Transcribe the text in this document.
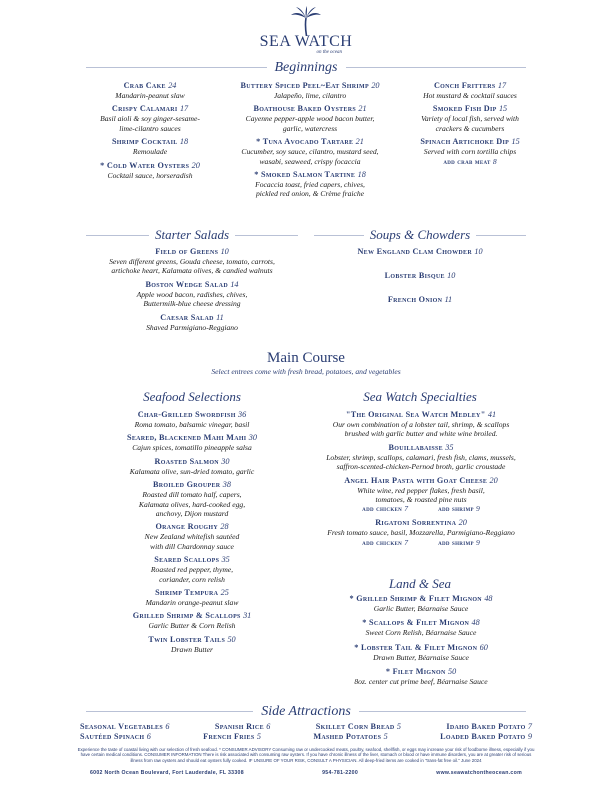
SEA WATCH
on the ocean
Beginnings
Crab Cake 24
Mandarin-peanut slaw
Crispy Calamari 17
Basil aioli & soy ginger-sesame-
lime-cilantro sauces
Shrimp Cocktail 18
Remoulade
* Cold Water Oysters 20
Cocktail sauce, horseradish
Buttery Spiced Peel~Eat Shrimp 20
Jalapeño, lime, cilantro
Boathouse Baked Oysters 21
Cayenne pepper-apple wood bacon butter,
garlic, watercress
* Tuna Avocado Tartare 21
Cucumber, soy sauce, cilantro, mustard seed,
wasabi, seaweed, crispy focaccia
* Smoked Salmon Tartine 18
Focaccia toast, fried capers, chives,
pickled red onion, & Crème fraiche
Conch Fritters 17
Hot mustard & cocktail sauces
Smoked Fish Dip 15
Variety of local fish, served with
crackers & cucumbers
Spinach Artichoke Dip 15
Served with corn tortilla chips
add crab meat 8
Starter Salads
Field of Greens 10
Seven different greens, Gouda cheese, tomato, carrots,
artichoke heart, Kalamata olives, & candied walnuts
Boston Wedge Salad 14
Apple wood bacon, radishes, chives,
Buttermilk-blue cheese dressing
Caesar Salad 11
Shaved Parmigiano-Reggiano
Soups & Chowders
New England Clam Chowder 10
Lobster Bisque 10
French Onion 11
Main Course
Select entrees come with fresh bread, potatoes, and vegetables
Seafood Selections
Char-Grilled Swordfish 36
Roma tomato, balsamic vinegar, basil
Seared, Blackened Mahi Mahi 30
Cajun spices, tomatillo pineapple salsa
Roasted Salmon 30
Kalamata olive, sun-dried tomato, garlic
Broiled Grouper 38
Roasted dill tomato half, capers,
Kalamata olives, hard-cooked egg,
anchovy, Dijon mustard
Orange Roughy 28
New Zealand whitefish sautéed
with dill Chardonnay sauce
Seared Scallops 35
Roasted red pepper, thyme,
coriander, corn relish
Shrimp Tempura 25
Mandarin orange-peanut slaw
Grilled Shrimp & Scallops 31
Garlic Butter & Corn Relish
Twin Lobster Tails 50
Drawn Butter
Sea Watch Specialties
"The Original Sea Watch Medley" 41
Our own combination of a lobster tail, shrimp, & scallops
brushed with garlic butter and white wine broiled.
Bouillabaisse 35
Lobster, shrimp, scallops, calamari, fresh fish, clams, mussels,
saffron-scented-chicken-Pernod broth, garlic croustade
Angel Hair Pasta with Goat Cheese 20
White wine, red pepper flakes, fresh basil,
tomatoes, & roasted pine nuts
add chicken 7	add shrimp 9
Rigatoni Sorrentina 20
Fresh tomato sauce, basil, Mozzarella, Parmigiano-Reggiano
add chicken 7	add shrimp 9
Land & Sea
* Grilled Shrimp & Filet Mignon 48
Garlic Butter, Béarnaise Sauce
* Scallops & Filet Mignon 48
Sweet Corn Relish, Béarnaise Sauce
* Lobster Tail & Filet Mignon 60
Drawn Butter, Béarnaise Sauce
* Filet Mignon 50
8oz. center cut prime beef, Béarnaise Sauce
Side Attractions
Seasonal Vegetables 6	Spanish Rice 6	Skillet Corn Bread 5	Idaho Baked Potato 7
Sautéed Spinach 6	French Fries 5	Mashed Potatoes 5	Loaded Baked Potato 9
Experience the taste of coastal living with our selection of fresh seafood. * CONSUMER ADVISORY Consuming raw or undercooked meats, poultry, seafood, shellfish, or eggs may increase your risk of foodborne illness, especially if you
have certain medical conditions. CONSUMER INFORMATION There is risk associated with consuming raw oysters. If you have chronic illness of the liver, stomach or blood or have immune disorders, you are at greater risk of serious
illness from raw oysters and should eat oysters fully cooked. IF UNSURE OF YOUR RISK, CONSULT A PHYSICIAN. All deep-fried items are cooked in "trans-fat free oil." June 2024
6002 North Ocean Boulevard, Fort Lauderdale, FL 33308	954-781-2200	www.seawatchontheocean.com
